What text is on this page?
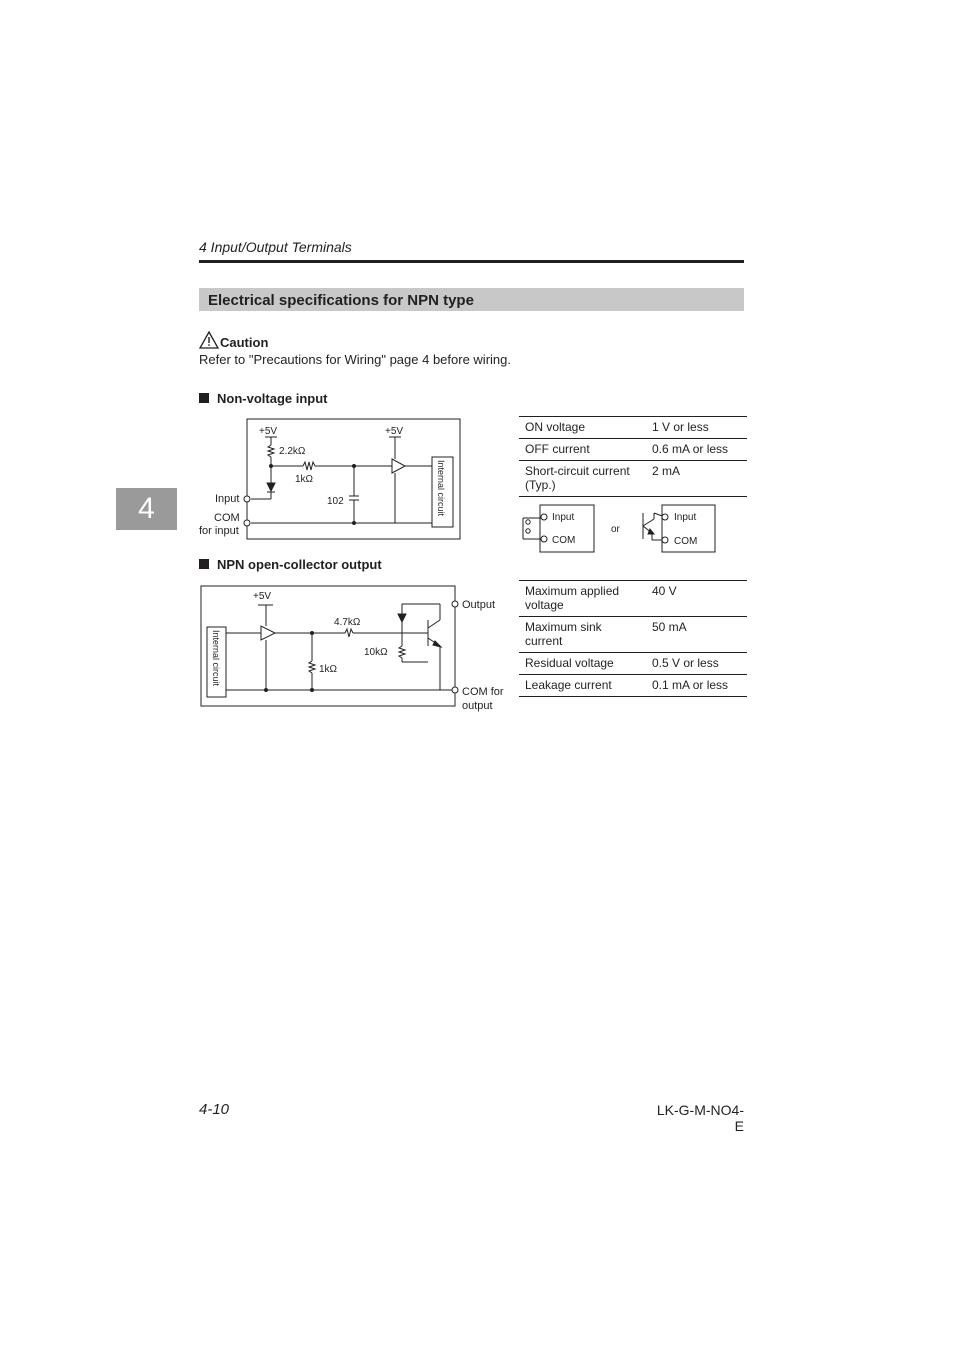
4 Input/Output Terminals
4
Electrical specifications for NPN type
Caution
Refer to "Precautions for Wiring" page 4 before wiring.
Non-voltage input
+5V	+5V
2.2kΩ
1kΩ
102
Input
COM
for input
Internal circuit
ON voltage	1 V or less
OFF current	0.6 mA or less
Short-circuit current (Typ.)	2 mA
Input
COM
or
Input
COM
NPN open-collector output
+5V
4.7kΩ
10kΩ
1kΩ
Output
COM for
output
Internal circuit
Maximum applied voltage	40 V
Maximum sink current	50 mA
Residual voltage	0.5 V or less
Leakage current	0.1 mA or less
4-10	LK-G-M-NO4-E
